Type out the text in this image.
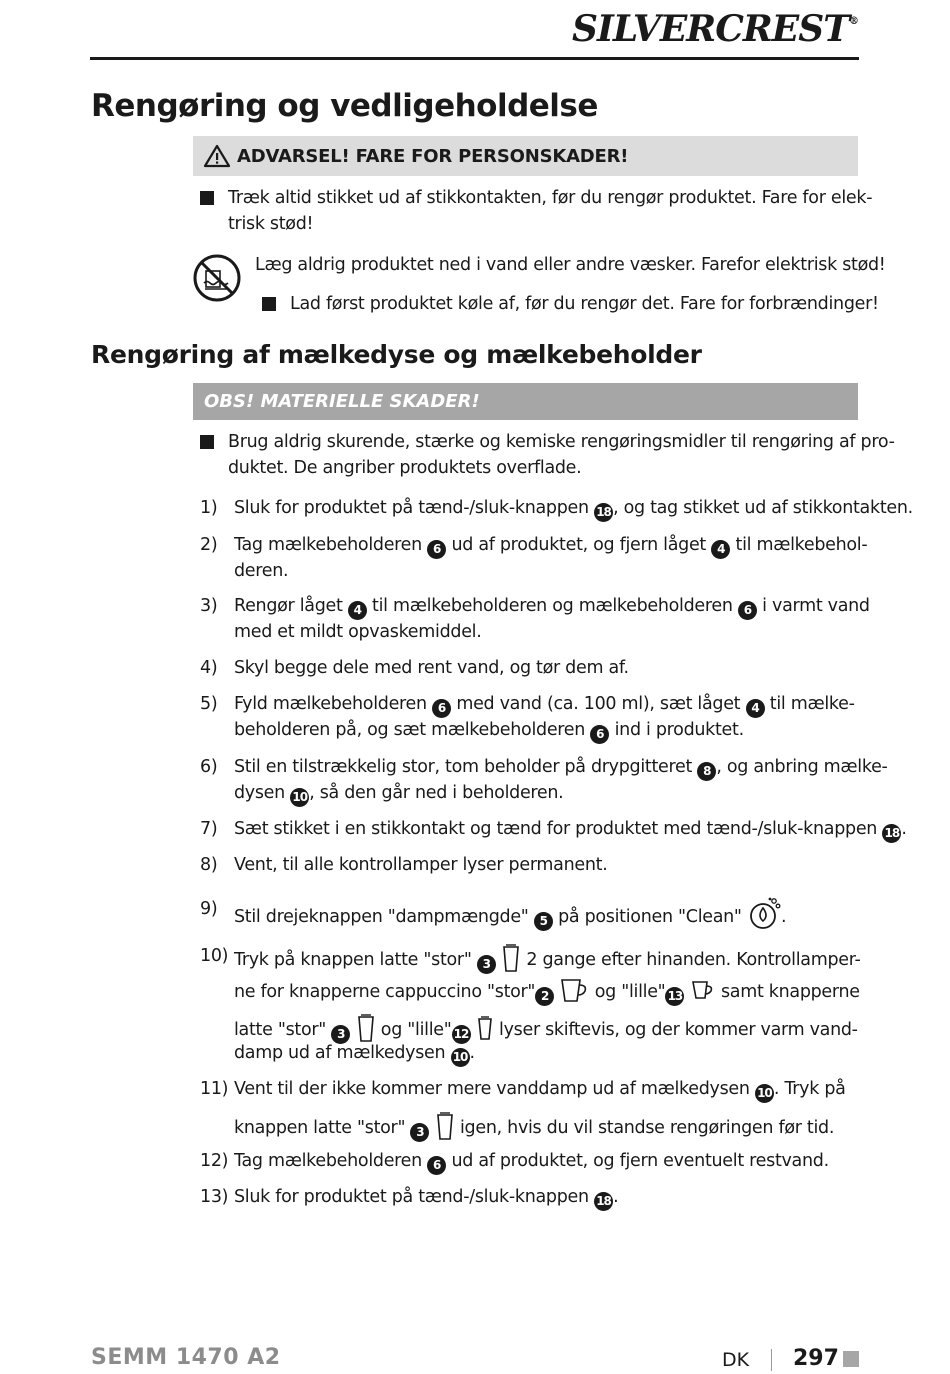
SILVERCREST®
Rengøring og vedligeholdelse
ADVARSEL! FARE FOR PERSONSKADER!
Træk altid stikket ud af stikkontakten, før du rengør produktet. Fare for elek-
trisk stød!
Læg aldrig produktet ned i vand eller andre væsker. Farefor elektrisk stød!
Lad først produktet køle af, før du rengør det. Fare for forbrændinger!
Rengøring af mælkedyse og mælkebeholder
OBS! MATERIELLE SKADER!
Brug aldrig skurende, stærke og kemiske rengøringsmidler til rengøring af pro-
duktet. De angriber produktets overflade.
1) Sluk for produktet på tænd-/sluk-knappen 18 , og tag stikket ud af stikkontakten.
2) Tag mælkebeholderen 6 ud af produktet, og fjern låget 4 til mælkebehol-
deren.
3) Rengør låget 4 til mælkebeholderen og mælkebeholderen 6 i varmt vand
med et mildt opvaskemiddel.
4) Skyl begge dele med rent vand, og tør dem af.
5) Fyld mælkebeholderen 6 med vand (ca. 100 ml), sæt låget 4 til mælke-
beholderen på, og sæt mælkebeholderen 6 ind i produktet.
6) Stil en tilstrækkelig stor, tom beholder på drypgitteret 8 , og anbring mælke-
dysen 10 , så den går ned i beholderen.
7) Sæt stikket i en stikkontakt og tænd for produktet med tænd-/sluk-knappen 18 .
8) Vent, til alle kontrollamper lyser permanent.
9) Stil drejeknappen "dampmængde" 5 på positionen "Clean" .
10) Tryk på knappen latte "stor" 3  2 gange efter hinanden. Kontrollamper-
ne for knapperne cappuccino "stor" 2  og "lille" 13  samt knapperne
latte "stor" 3  og "lille" 12  lyser skiftevis, og der kommer varm vand-
damp ud af mælkedysen 10 .
11) Vent til der ikke kommer mere vanddamp ud af mælkedysen 10 . Tryk på
knappen latte "stor" 3  igen, hvis du vil standse rengøringen før tid.
12) Tag mælkebeholderen 6 ud af produktet, og fjern eventuelt restvand.
13) Sluk for produktet på tænd-/sluk-knappen 18 .
SEMM 1470 A2	DK 297
